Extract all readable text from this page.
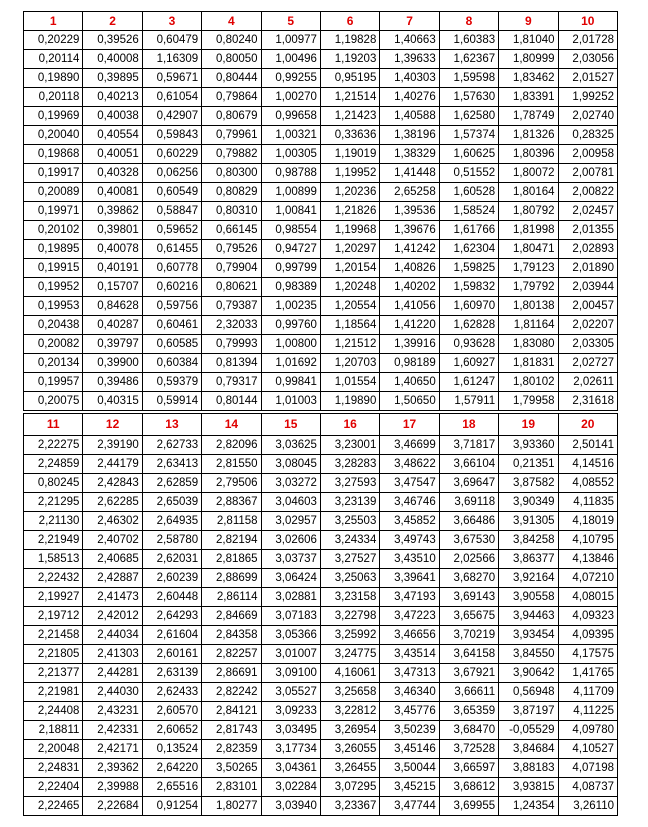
1	2	3	4	5	6	7	8	9	10
0,20229	0,39526	0,60479	0,80240	1,00977	1,19828	1,40663	1,60383	1,81040	2,01728
0,20114	0,40008	1,16309	0,80050	1,00496	1,19203	1,39633	1,62367	1,80999	2,03056
0,19890	0,39895	0,59671	0,80444	0,99255	0,95195	1,40303	1,59598	1,83462	2,01527
0,20118	0,40213	0,61054	0,79864	1,00270	1,21514	1,40276	1,57630	1,83391	1,99252
0,19969	0,40038	0,42907	0,80679	0,99658	1,21423	1,40588	1,62580	1,78749	2,02740
0,20040	0,40554	0,59843	0,79961	1,00321	0,33636	1,38196	1,57374	1,81326	0,28325
0,19868	0,40051	0,60229	0,79882	1,00305	1,19019	1,38329	1,60625	1,80396	2,00958
0,19917	0,40328	0,06256	0,80300	0,98788	1,19952	1,41448	0,51552	1,80072	2,00781
0,20089	0,40081	0,60549	0,80829	1,00899	1,20236	2,65258	1,60528	1,80164	2,00822
0,19971	0,39862	0,58847	0,80310	1,00841	1,21826	1,39536	1,58524	1,80792	2,02457
0,20102	0,39801	0,59652	0,66145	0,98554	1,19968	1,39676	1,61766	1,81998	2,01355
0,19895	0,40078	0,61455	0,79526	0,94727	1,20297	1,41242	1,62304	1,80471	2,02893
0,19915	0,40191	0,60778	0,79904	0,99799	1,20154	1,40826	1,59825	1,79123	2,01890
0,19952	0,15707	0,60216	0,80621	0,98389	1,20248	1,40202	1,59832	1,79792	2,03944
0,19953	0,84628	0,59756	0,79387	1,00235	1,20554	1,41056	1,60970	1,80138	2,00457
0,20438	0,40287	0,60461	2,32033	0,99760	1,18564	1,41220	1,62828	1,81164	2,02207
0,20082	0,39797	0,60585	0,79993	1,00800	1,21512	1,39916	0,93628	1,83080	2,03305
0,20134	0,39900	0,60384	0,81394	1,01692	1,20703	0,98189	1,60927	1,81831	2,02727
0,19957	0,39486	0,59379	0,79317	0,99841	1,01554	1,40650	1,61247	1,80102	2,02611
0,20075	0,40315	0,59914	0,80144	1,01003	1,19890	1,50650	1,57911	1,79958	2,31618
11	12	13	14	15	16	17	18	19	20
2,22275	2,39190	2,62733	2,82096	3,03625	3,23001	3,46699	3,71817	3,93360	2,50141
2,24859	2,44179	2,63413	2,81550	3,08045	3,28283	3,48622	3,66104	0,21351	4,14516
0,80245	2,42843	2,62859	2,79506	3,03272	3,27593	3,47547	3,69647	3,87582	4,08552
2,21295	2,62285	2,65039	2,88367	3,04603	3,23139	3,46746	3,69118	3,90349	4,11835
2,21130	2,46302	2,64935	2,81158	3,02957	3,25503	3,45852	3,66486	3,91305	4,18019
2,21949	2,40702	2,58780	2,82194	3,02606	3,24334	3,49743	3,67530	3,84258	4,10795
1,58513	2,40685	2,62031	2,81865	3,03737	3,27527	3,43510	2,02566	3,86377	4,13846
2,22432	2,42887	2,60239	2,88699	3,06424	3,25063	3,39641	3,68270	3,92164	4,07210
2,19927	2,41473	2,60448	2,86114	3,02881	3,23158	3,47193	3,69143	3,90558	4,08015
2,19712	2,42012	2,64293	2,84669	3,07183	3,22798	3,47223	3,65675	3,94463	4,09323
2,21458	2,44034	2,61604	2,84358	3,05366	3,25992	3,46656	3,70219	3,93454	4,09395
2,21805	2,41303	2,60161	2,82257	3,01007	3,24775	3,43514	3,64158	3,84550	4,17575
2,21377	2,44281	2,63139	2,86691	3,09100	4,16061	3,47313	3,67921	3,90642	1,41765
2,21981	2,44030	2,62433	2,82242	3,05527	3,25658	3,46340	3,66611	0,56948	4,11709
2,24408	2,43231	2,60570	2,84121	3,09233	3,22812	3,45776	3,65359	3,87197	4,11225
2,18811	2,42331	2,60652	2,81743	3,03495	3,26954	3,50239	3,68470	-0,05529	4,09780
2,20048	2,42171	0,13524	2,82359	3,17734	3,26055	3,45146	3,72528	3,84684	4,10527
2,24831	2,39362	2,64220	3,50265	3,04361	3,26455	3,50044	3,66597	3,88183	4,07198
2,22404	2,39988	2,65516	2,83101	3,02284	3,07295	3,45215	3,68612	3,93815	4,08737
2,22465	2,22684	0,91254	1,80277	3,03940	3,23367	3,47744	3,69955	1,24354	3,26110
